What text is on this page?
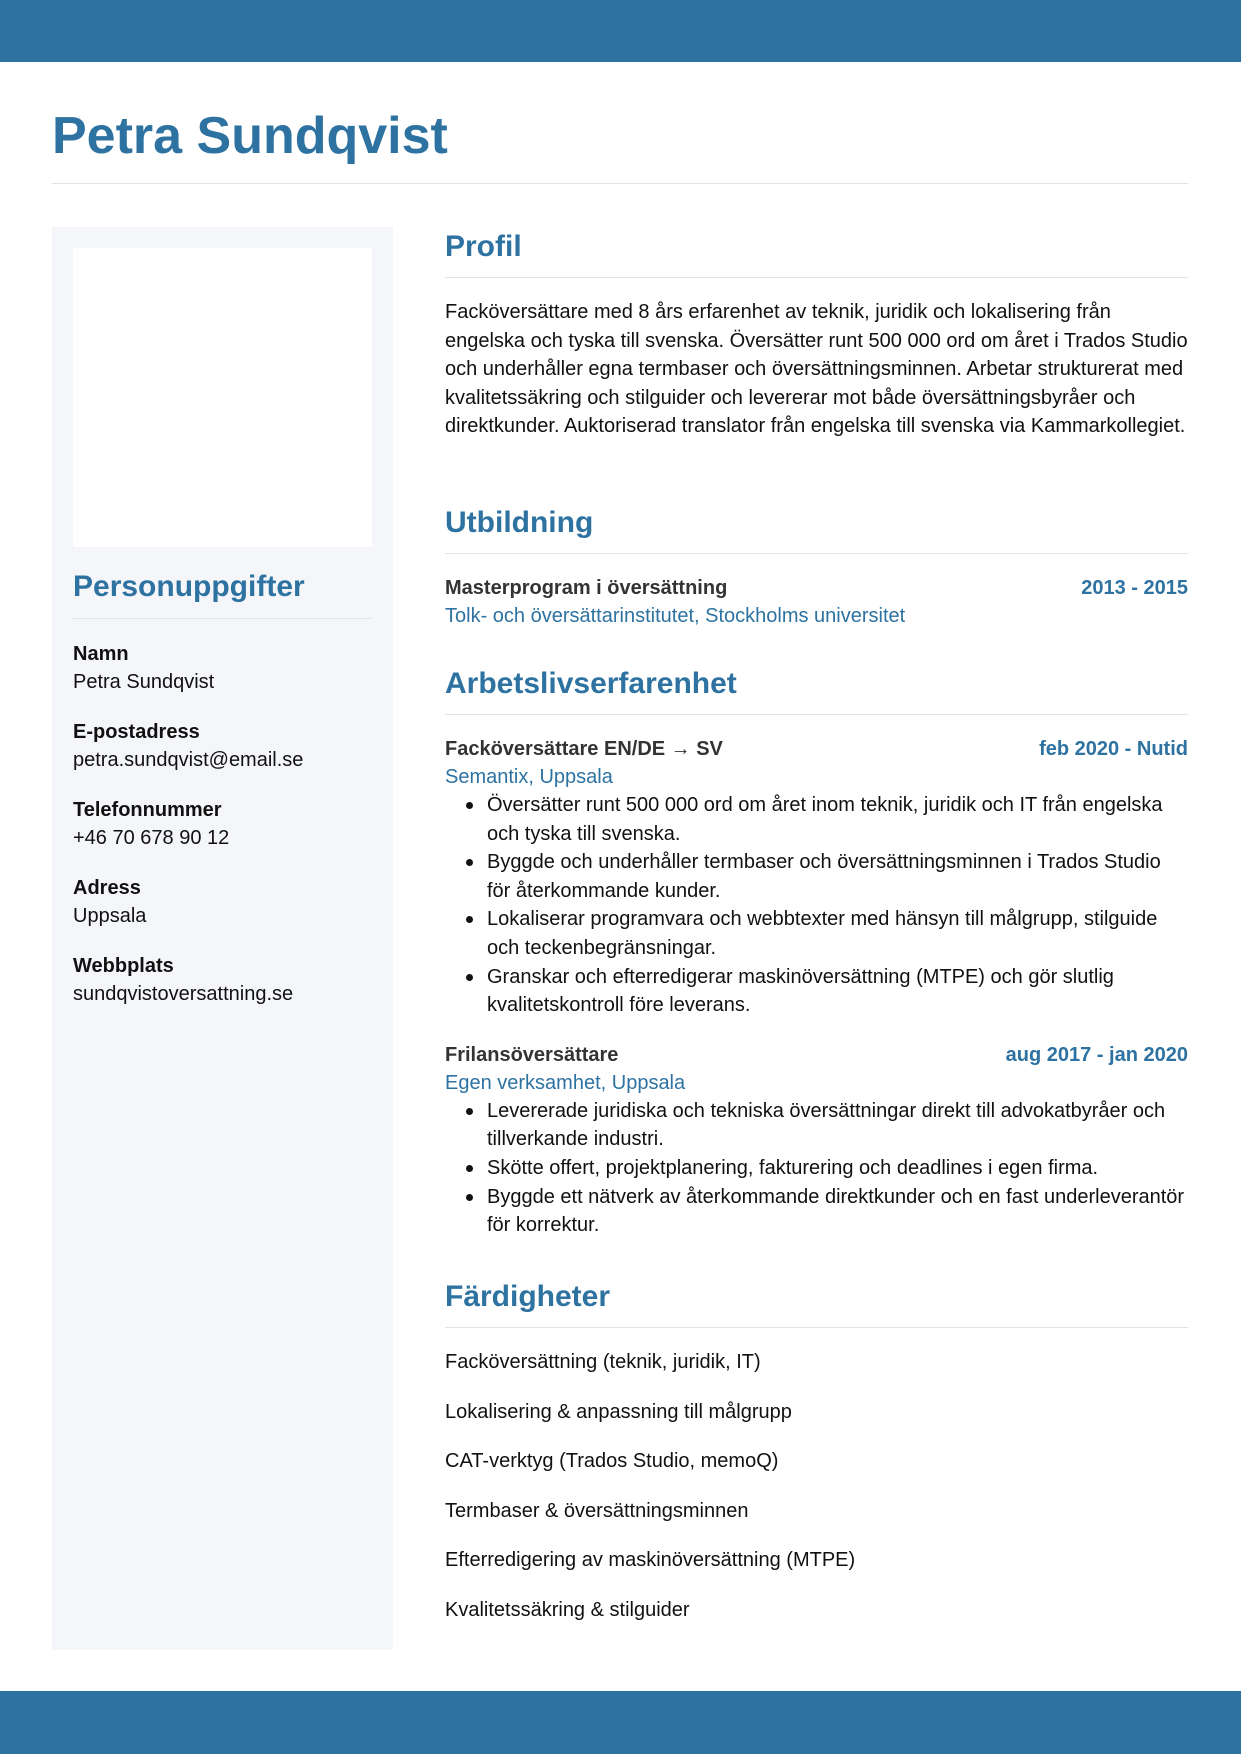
Petra Sundqvist
Personuppgifter
Namn
Petra Sundqvist
E-postadress
petra.sundqvist@email.se
Telefonnummer
+46 70 678 90 12
Adress
Uppsala
Webbplats
sundqvistoversattning.se
Profil

Facköversättare med 8 års erfarenhet av teknik, juridik och lokalisering från engelska och tyska till svenska. Översätter runt 500 000 ord om året i Trados Studio och underhåller egna termbaser och översättningsminnen. Arbetar strukturerat med kvalitetssäkring och stilguider och levererar mot både översättningsbyråer och direktkunder. Auktoriserad translator från engelska till svenska via Kammarkollegiet.

Utbildning
Masterprogram i översättning	2013 - 2015
Tolk- och översättarinstitutet, Stockholms universitet
Arbetslivserfarenhet
Facköversättare EN/DE → SV	feb 2020 - Nutid
Semantix, Uppsala
Översätter runt 500 000 ord om året inom teknik, juridik och IT från engelska och tyska till svenska.
Byggde och underhåller termbaser och översättningsminnen i Trados Studio för återkommande kunder.
Lokaliserar programvara och webbtexter med hänsyn till målgrupp, stilguide och teckenbegränsningar.
Granskar och efterredigerar maskinöversättning (MTPE) och gör slutlig kvalitetskontroll före leverans.
Frilansöversättare	aug 2017 - jan 2020
Egen verksamhet, Uppsala
Levererade juridiska och tekniska översättningar direkt till advokatbyråer och tillverkande industri.
Skötte offert, projektplanering, fakturering och deadlines i egen firma.
Byggde ett nätverk av återkommande direktkunder och en fast underleverantör för korrektur.
Färdigheter
Facköversättning (teknik, juridik, IT)
Lokalisering & anpassning till målgrupp
CAT-verktyg (Trados Studio, memoQ)
Termbaser & översättningsminnen
Efterredigering av maskinöversättning (MTPE)
Kvalitetssäkring & stilguider
